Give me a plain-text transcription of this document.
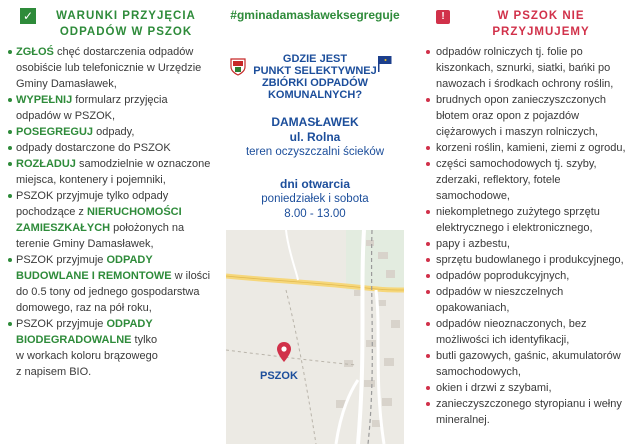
✓	WARUNKI PRZYJĘCIA
ODPADÓW W PSZOK
ZGŁOŚ chęć dostarczenia odpadów
osobiście lub telefonicznie w Urzędzie
Gminy Damasławek,
WYPEŁNIJ formularz przyjęcia
odpadów w PSZOK,
POSEGREGUJ odpady,
odpady dostarczone do PSZOK
ROZŁADUJ samodzielnie w oznaczone
miejsca, kontenery i pojemniki,
PSZOK przyjmuje tylko odpady
pochodzące z NIERUCHOMOŚCI
ZAMIESZKAŁYCH położonych na
terenie Gminy Damasławek,
PSZOK przyjmuje ODPADY
BUDOWLANE I REMONTOWE w ilości
do 0.5 tony od jednego gospodarstwa
domowego, raz na pół roku,
PSZOK przyjmuje ODPADY
BIODEGRADOWALNE tylko
w workach koloru brązowego
z napisem BIO.
#gminadamasławeksegreguje
GDZIE JEST
PUNKT SELEKTYWNEJ
ZBIÓRKI ODPADÓW
KOMUNALNYCH?
DAMASŁAWEK
ul. Rolna
teren oczyszczalni ścieków
dni otwarcia
poniedziałek i sobota
8.00 - 13.00
PSZOK
!	W PSZOK NIE
PRZYJMUJEMY
odpadów rolniczych tj. folie po
kiszonkach, sznurki, siatki, bańki po
nawozach i środkach ochrony roślin,
brudnych opon zanieczyszczonych
błotem oraz opon z pojazdów
ciężarowych i maszyn rolniczych,
korzeni roślin, kamieni, ziemi z ogrodu,
części samochodowych tj. szyby,
zderzaki, reflektory, fotele
samochodowe,
niekompletnego zużytego sprzętu
elektrycznego i elektronicznego,
papy i azbestu,
sprzętu budowlanego i produkcyjnego,
odpadów poprodukcyjnych,
odpadów w nieszczelnych
opakowaniach,
odpadów nieoznaczonych, bez
możliwości ich identyfikacji,
butli gazowych, gaśnic, akumulatorów
samochodowych,
okien i drzwi z szybami,
zanieczyszczonego styropianu i wełny
mineralnej.
